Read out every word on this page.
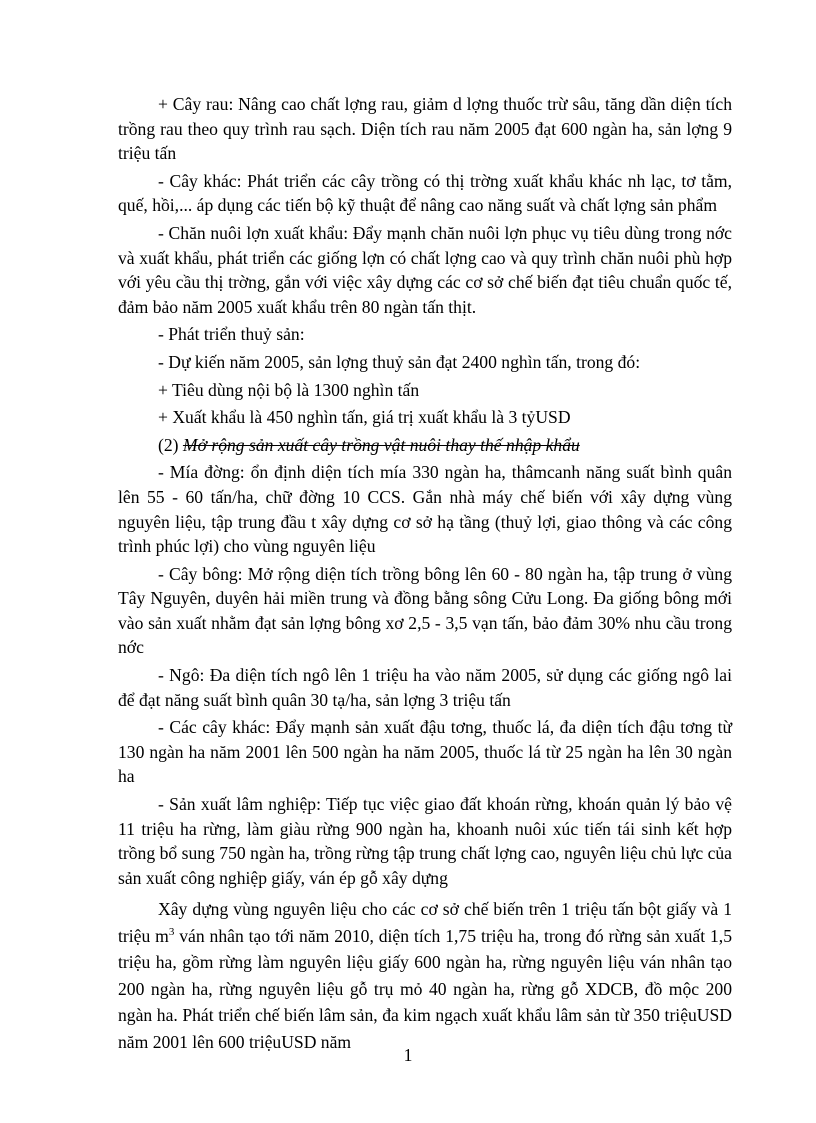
+ Cây rau: Nâng cao chất lợng rau, giảm d lợng thuốc trừ sâu, tăng dần diện tích trồng rau theo quy trình rau sạch. Diện tích rau năm 2005 đạt 600 ngàn ha, sản lợng 9 triệu tấn

- Cây khác: Phát triển các cây trồng có thị trờng xuất khẩu khác nh lạc, tơ tằm, quế, hồi,... áp dụng các tiến bộ kỹ thuật để nâng cao năng suất và chất lợng sản phẩm

- Chăn nuôi lợn xuất khẩu: Đẩy mạnh chăn nuôi lợn phục vụ tiêu dùng trong nớc và xuất khẩu, phát triển các giống lợn có chất lợng cao và quy trình chăn nuôi phù hợp với yêu cầu thị trờng, gắn với việc xây dựng các cơ sở chế biến đạt tiêu chuẩn quốc tế, đảm bảo năm 2005 xuất khẩu trên 80 ngàn tấn thịt.

- Phát triển thuỷ sản:

- Dự kiến năm 2005, sản lợng thuỷ sản đạt 2400 nghìn tấn, trong đó:

+ Tiêu dùng nội bộ là 1300 nghìn tấn

+ Xuất khẩu là 450 nghìn tấn, giá trị xuất khẩu là 3 tỷUSD

(2) Mở rộng sản xuất cây trồng vật nuôi thay thế nhập khẩu

- Mía đờng: ổn định diện tích mía 330 ngàn ha, thâmcanh năng suất bình quân lên 55 - 60 tấn/ha, chữ đờng 10 CCS. Gắn nhà máy chế biến với xây dựng vùng nguyên liệu, tập trung đầu t xây dựng cơ sở hạ tầng (thuỷ lợi, giao thông và các công trình phúc lợi) cho vùng nguyên liệu

- Cây bông: Mở rộng diện tích trồng bông lên 60 - 80 ngàn ha, tập trung ở vùng Tây Nguyên, duyên hải miền trung và đồng bằng sông Cửu Long. Đa giống bông mới vào sản xuất nhằm đạt sản lợng bông xơ 2,5 - 3,5 vạn tấn, bảo đảm 30% nhu cầu trong nớc

- Ngô: Đa diện tích ngô lên 1 triệu ha vào năm 2005, sử dụng các giống ngô lai để đạt năng suất bình quân 30 tạ/ha, sản lợng 3 triệu tấn

- Các cây khác: Đẩy mạnh sản xuất đậu tơng, thuốc lá, đa diện tích đậu tơng từ 130 ngàn ha năm 2001 lên 500 ngàn ha năm 2005, thuốc lá từ 25 ngàn ha lên 30 ngàn ha

- Sản xuất lâm nghiệp: Tiếp tục việc giao đất khoán rừng, khoán quản lý bảo vệ 11 triệu ha rừng, làm giàu rừng 900 ngàn ha, khoanh nuôi xúc tiến tái sinh kết hợp trồng bổ sung 750 ngàn ha, trồng rừng tập trung chất lợng cao, nguyên liệu chủ lực của sản xuất công nghiệp giấy, ván ép gỗ xây dựng

Xây dựng vùng nguyên liệu cho các cơ sở chế biến trên 1 triệu tấn bột giấy và 1 triệu $m^3$ ván nhân tạo tới năm 2010, diện tích 1,75 triệu ha, trong đó rừng sản xuất 1,5 triệu ha, gồm rừng làm nguyên liệu giấy 600 ngàn ha, rừng nguyên liệu ván nhân tạo 200 ngàn ha, rừng nguyên liệu gỗ trụ mỏ 40 ngàn ha, rừng gỗ XDCB, đồ mộc 200 ngàn ha. Phát triển chế biến lâm sản, đa kim ngạch xuất khẩu lâm sản từ 350 triệuUSD năm 2001 lên 600 triệuUSD năm

1
